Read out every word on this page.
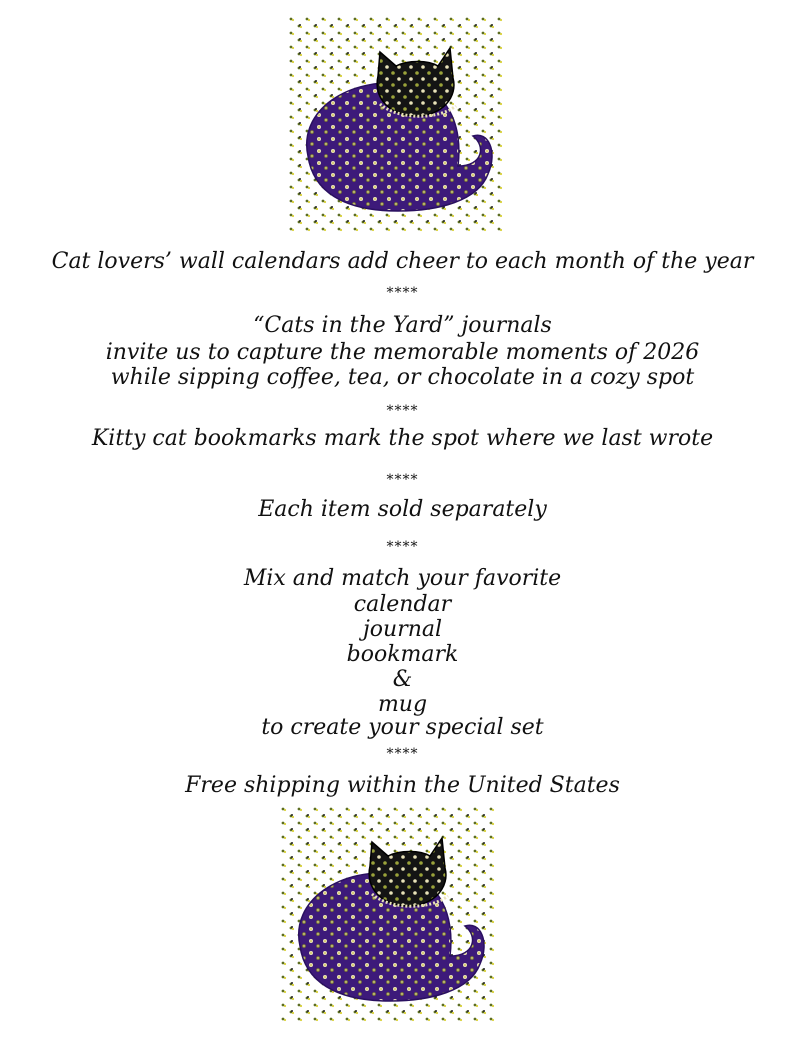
Cat lovers’ wall calendars add cheer to each month of the year
****
“Cats in the Yard” journals
invite us to capture the memorable moments of 2026
while sipping coffee, tea, or chocolate in a cozy spot
****
Kitty cat bookmarks mark the spot where we last wrote
****
Each item sold separately
****
Mix and match your favorite
calendar
journal
bookmark
&
mug
to create your special set
****
Free shipping within the United States
